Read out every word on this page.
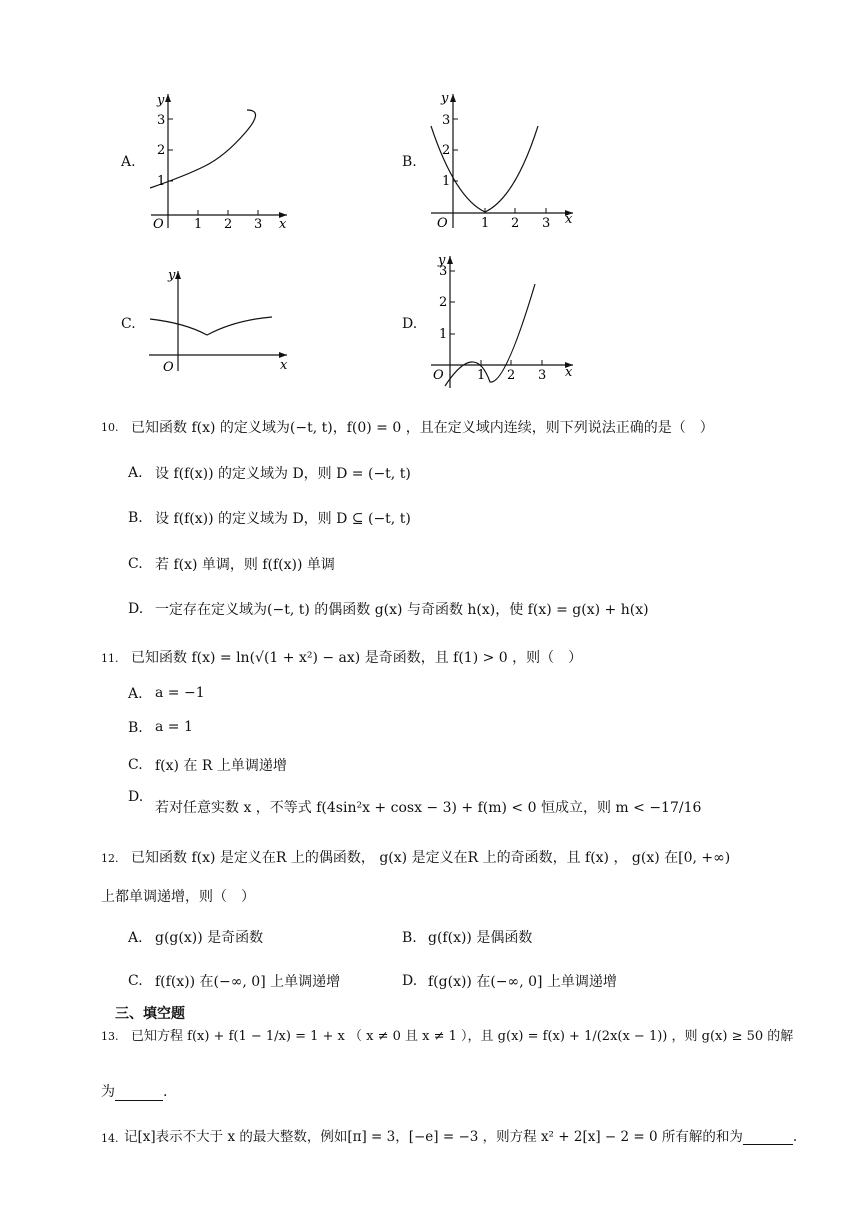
A.
1 2 3
1
2
3
O	x
y
B.
1 2 3
1
2
3
O	x
y
C.
O	x
y
D.
1 2 3
1
2
3
O	x
y
10. 已知函数 f(x) 的定义域为(−t, t)，f(0) = 0 ，且在定义域内连续，则下列说法正确的是（　）
A. 设 f(f(x)) 的定义域为 D，则 D = (−t, t)
B. 设 f(f(x)) 的定义域为 D，则 D ⊆ (−t, t)
C. 若 f(x) 单调，则 f(f(x)) 单调
D. 一定存在定义域为(−t, t) 的偶函数 g(x) 与奇函数 h(x)，使 f(x) = g(x) + h(x)
11. 已知函数 f(x) = ln(√(1 + x²) − ax) 是奇函数，且 f(1) > 0 ，则（　）
A. a = −1
B. a = 1
C. f(x) 在 R 上单调递增
D.
若对任意实数 x ，不等式 f(4sin²x + cosx − 3) + f(m) < 0 恒成立，则 m < −17/16
12. 已知函数 f(x) 是定义在R 上的偶函数， g(x) 是定义在R 上的奇函数，且 f(x) ， g(x) 在[0, +∞)
上都单调递增，则（　）
A. g(g(x)) 是奇函数	B. g(f(x)) 是偶函数
C. f(f(x)) 在(−∞, 0] 上单调递增	D. f(g(x)) 在(−∞, 0] 上单调递增
三、填空题
13. 已知方程 f(x) + f(1 − 1/x) = 1 + x （ x ≠ 0 且 x ≠ 1 ），且 g(x) = f(x) + 1/(2x(x − 1)) ，则 g(x) ≥ 50 的解
为	.
14. 记[x]表示不大于 x 的最大整数，例如[π] = 3，[−e] = −3 ，则方程 x² + 2[x] − 2 = 0 所有解的和为	.
